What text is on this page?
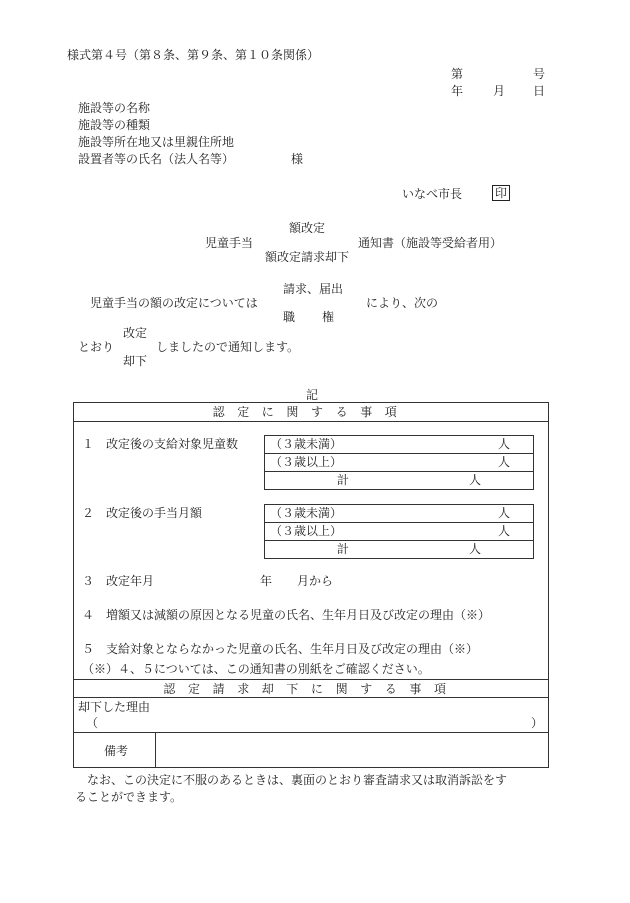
様式第４号（第８条、第９条、第１０条関係）
第	号
年 月 日
施設等の名称
施設等の種類
施設等所在地又は里親住所地
設置者等の氏名（法人名等）	様
いなべ市長	印
額改定
児童手当	通知書（施設等受給者用）
額改定請求却下
請求、届出
児童手当の額の改定については	により、次の
職 権
改定
とおり	しましたので通知します。
却下
記
認定に関する事項
１　改定後の支給対象児童数	（３歳未満）	人
（３歳以上）	人
計	人
２　改定後の手当月額	（３歳未満）	人
（３歳以上）	人
計	人
３　改定年月	年 月から
４　増額又は減額の原因となる児童の氏名、生年月日及び改定の理由（※）
５　支給対象とならなかった児童の氏名、生年月日及び改定の理由（※）
（※）４、５については、この通知書の別紙をご確認ください。
認定請求却下に関する事項
却下した理由
（	）
備考
なお、この決定に不服のあるときは、裏面のとおり審査請求又は取消訴訟をす
ることができます。
